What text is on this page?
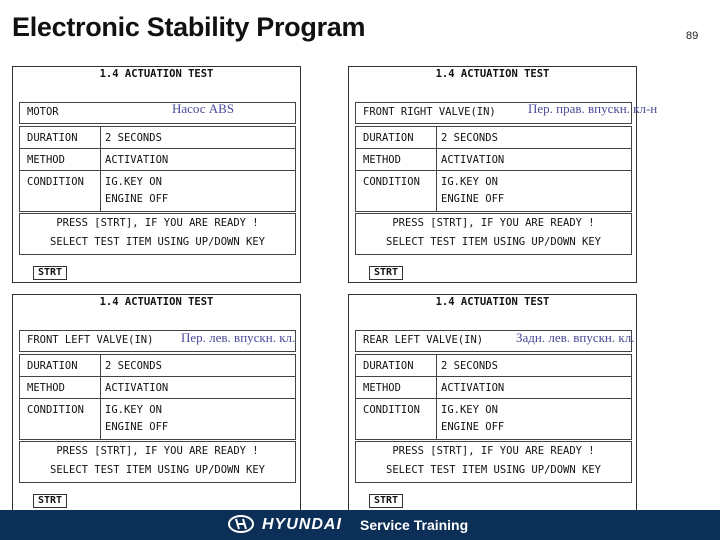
Electronic Stability Program	89
1.4 ACTUATION TEST
MOTOR
DURATION	2 SECONDS
METHOD	ACTIVATION
CONDITION IG.KEY ON
ENGINE OFF
PRESS [STRT], IF YOU ARE READY !
SELECT TEST ITEM USING UP/DOWN KEY
STRT
Насос ABS
1.4 ACTUATION TEST
FRONT RIGHT VALVE(IN)
DURATION	2 SECONDS
METHOD	ACTIVATION
CONDITION IG.KEY ON
ENGINE OFF
PRESS [STRT], IF YOU ARE READY !
SELECT TEST ITEM USING UP/DOWN KEY
STRT
Пер. прав. впускн. кл-н
1.4 ACTUATION TEST
FRONT LEFT VALVE(IN)
DURATION	2 SECONDS
METHOD	ACTIVATION
CONDITION IG.KEY ON
ENGINE OFF
PRESS [STRT], IF YOU ARE READY !
SELECT TEST ITEM USING UP/DOWN KEY
STRT
Пер. лев. впускн. кл.
1.4 ACTUATION TEST
REAR LEFT VALVE(IN)
DURATION	2 SECONDS
METHOD	ACTIVATION
CONDITION IG.KEY ON
ENGINE OFF
PRESS [STRT], IF YOU ARE READY !
SELECT TEST ITEM USING UP/DOWN KEY
STRT
Задн. лев. впускн. кл.
HYUNDAI Service Training
